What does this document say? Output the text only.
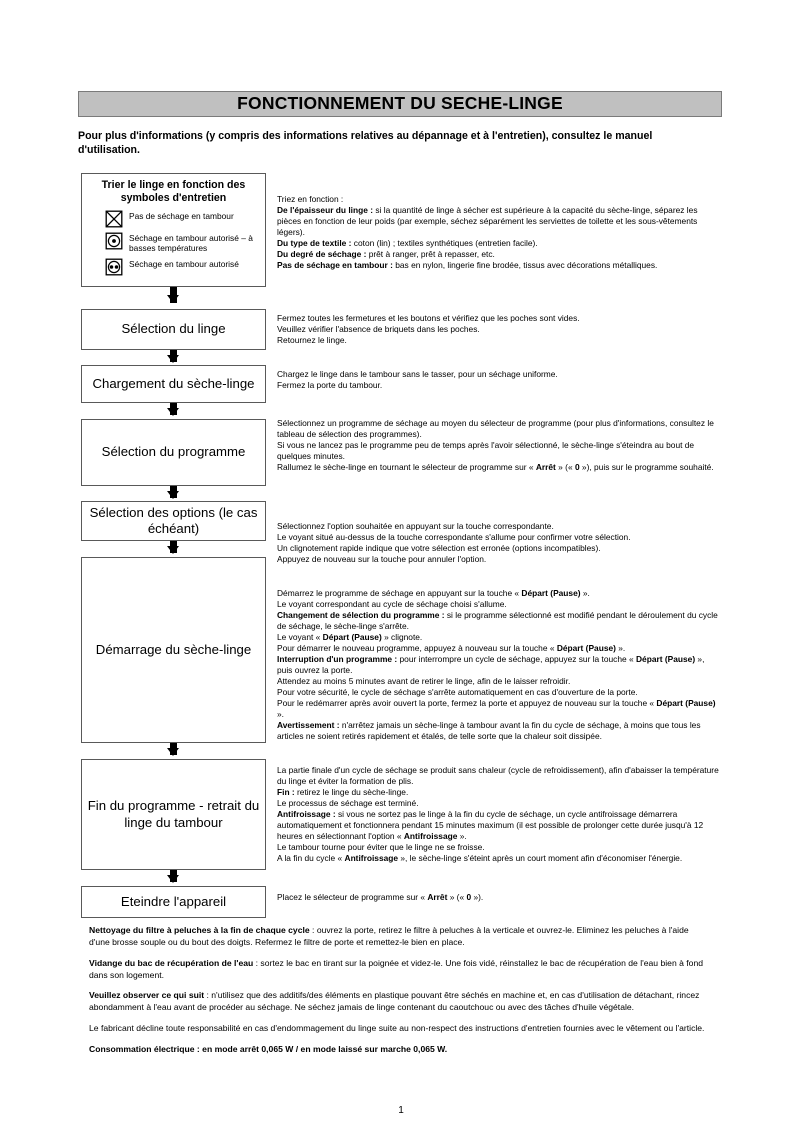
FONCTIONNEMENT DU SECHE-LINGE
Pour plus d'informations (y compris des informations relatives au dépannage et à l'entretien), consultez le manuel d'utilisation.
Trier le linge en fonction des symboles d'entretien
Pas de séchage en tambour
Séchage en tambour autorisé – à basses températures
Séchage en tambour autorisé
Sélection du linge
Chargement du sèche-linge
Sélection du programme
Sélection des options (le cas échéant)
Démarrage du sèche-linge
Fin du programme - retrait du linge du tambour
Eteindre l'appareil

Triez en fonction :

De l'épaisseur du linge : si la quantité de linge à sécher est supérieure à la capacité du sèche-linge, séparez les pièces en fonction de leur poids (par exemple, séchez séparément les serviettes de toilette et les sous-vêtements légers).

Du type de textile : coton (lin) ; textiles synthétiques (entretien facile).

Du degré de séchage : prêt à ranger, prêt à repasser, etc.

Pas de séchage en tambour : bas en nylon, lingerie fine brodée, tissus avec décorations métalliques.

Fermez toutes les fermetures et les boutons et vérifiez que les poches sont vides.

Veuillez vérifier l'absence de briquets dans les poches.

Retournez le linge.

Chargez le linge dans le tambour sans le tasser, pour un séchage uniforme.

Fermez la porte du tambour.

Sélectionnez un programme de séchage au moyen du sélecteur de programme (pour plus d'informations, consultez le tableau de sélection des programmes).

Si vous ne lancez pas le programme peu de temps après l'avoir sélectionné, le sèche-linge s'éteindra au bout de quelques minutes.

Rallumez le sèche-linge en tournant le sélecteur de programme sur « Arrêt » (« 0 »), puis sur le programme souhaité.

Sélectionnez l'option souhaitée en appuyant sur la touche correspondante.

Le voyant situé au-dessus de la touche correspondante s'allume pour confirmer votre sélection.

Un clignotement rapide indique que votre sélection est erronée (options incompatibles).

Appuyez de nouveau sur la touche pour annuler l'option.

Démarrez le programme de séchage en appuyant sur la touche « Départ (Pause) ».

Le voyant correspondant au cycle de séchage choisi s'allume.

Changement de sélection du programme : si le programme sélectionné est modifié pendant le déroulement du cycle de séchage, le sèche-linge s'arrête.

Le voyant « Départ (Pause) » clignote.

Pour démarrer le nouveau programme, appuyez à nouveau sur la touche « Départ (Pause) ».

Interruption d'un programme : pour interrompre un cycle de séchage, appuyez sur la touche « Départ (Pause) », puis ouvrez la porte.

Attendez au moins 5 minutes avant de retirer le linge, afin de le laisser refroidir.

Pour votre sécurité, le cycle de séchage s'arrête automatiquement en cas d'ouverture de la porte.

Pour le redémarrer après avoir ouvert la porte, fermez la porte et appuyez de nouveau sur la touche « Départ (Pause) ».

Avertissement : n'arrêtez jamais un sèche-linge à tambour avant la fin du cycle de séchage, à moins que tous les articles ne soient retirés rapidement et étalés, de telle sorte que la chaleur soit dissipée.

La partie finale d'un cycle de séchage se produit sans chaleur (cycle de refroidissement), afin d'abaisser la température du linge et éviter la formation de plis.

Fin : retirez le linge du sèche-linge.

Le processus de séchage est terminé.

Antifroissage : si vous ne sortez pas le linge à la fin du cycle de séchage, un cycle antifroissage démarrera automatiquement et fonctionnera pendant 15 minutes maximum (il est possible de prolonger cette durée jusqu'à 12 heures en sélectionnant l'option « Antifroissage ».

Le tambour tourne pour éviter que le linge ne se froisse.

A la fin du cycle « Antifroissage », le sèche-linge s'éteint après un court moment afin d'économiser l'énergie.

Placez le sélecteur de programme sur « Arrêt » (« 0 »).

Nettoyage du filtre à peluches à la fin de chaque cycle : ouvrez la porte, retirez le filtre à peluches à la verticale et ouvrez-le. Eliminez les peluches à l'aide d'une brosse souple ou du bout des doigts. Refermez le filtre de porte et remettez-le bien en place.

Vidange du bac de récupération de l'eau : sortez le bac en tirant sur la poignée et videz-le. Une fois vidé, réinstallez le bac de récupération de l'eau bien à fond dans son logement.

Veuillez observer ce qui suit : n'utilisez que des additifs/des éléments en plastique pouvant être séchés en machine et, en cas d'utilisation de détachant, rincez abondamment à l'eau avant de procéder au séchage. Ne séchez jamais de linge contenant du caoutchouc ou avec des tâches d'huile végétale.

Le fabricant décline toute responsabilité en cas d'endommagement du linge suite au non-respect des instructions d'entretien fournies avec le vêtement ou l'article.

Consommation électrique : en mode arrêt 0,065 W / en mode laissé sur marche 0,065 W.

1
